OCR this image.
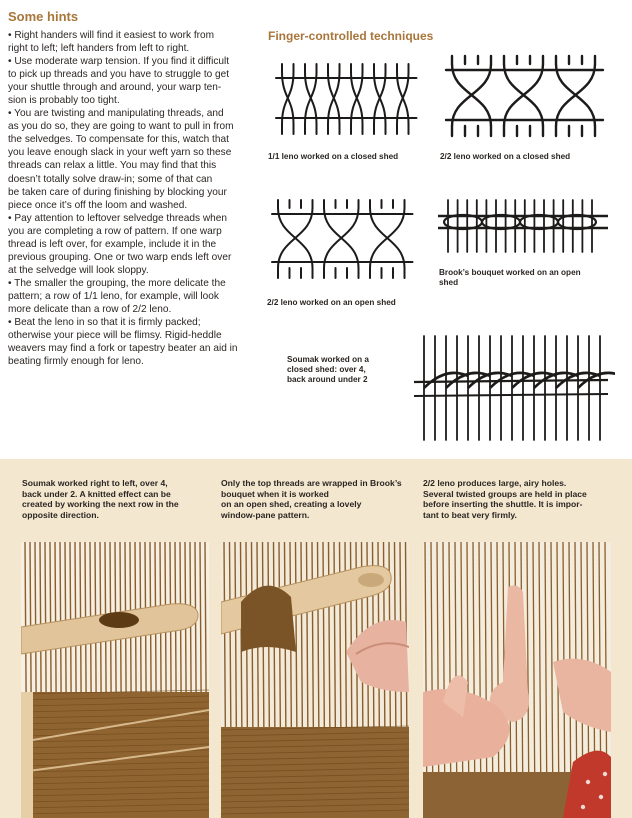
Some hints

• Right handers will find it easiest to work from

right to left; left handers from left to right.

• Use moderate warp tension. If you find it difficult

to pick up threads and you have to struggle to get

your shuttle through and around, your warp ten-

sion is probably too tight.

• You are twisting and manipulating threads, and

as you do so, they are going to want to pull in from

the selvedges. To compensate for this, watch that

you leave enough slack in your weft yarn so these

threads can relax a little. You may find that this

doesn’t totally solve draw-in; some of that can

be taken care of during finishing by blocking your

piece once it’s off the loom and washed.

• Pay attention to leftover selvedge threads when

you are completing a row of pattern. If one warp

thread is left over, for example, include it in the

previous grouping. One or two warp ends left over

at the selvedge will look sloppy.

• The smaller the grouping, the more delicate the

pattern; a row of 1/1 leno, for example, will look

more delicate than a row of 2/2 leno.

• Beat the leno in so that it is firmly packed;

otherwise your piece will be flimsy. Rigid-heddle

weavers may find a fork or tapestry beater an aid in

beating firmly enough for leno.

Finger-controlled techniques

1/1 leno worked on a closed shed	2/2 leno worked on a closed shed

2/2 leno worked on an open shed

Brook’s bouquet worked on an open

shed

Soumak worked on a

closed shed: over 4,

back around under 2

Soumak worked right to left, over 4,

back under 2. A knitted effect can be

created by working the next row in the

opposite direction.

Only the top threads are wrapped in Brook’s

bouquet when it is worked

on an open shed, creating a lovely

window-pane pattern.

2/2 leno produces large, airy holes.

Several twisted groups are held in place

before inserting the shuttle. It is impor-

tant to beat very firmly.
